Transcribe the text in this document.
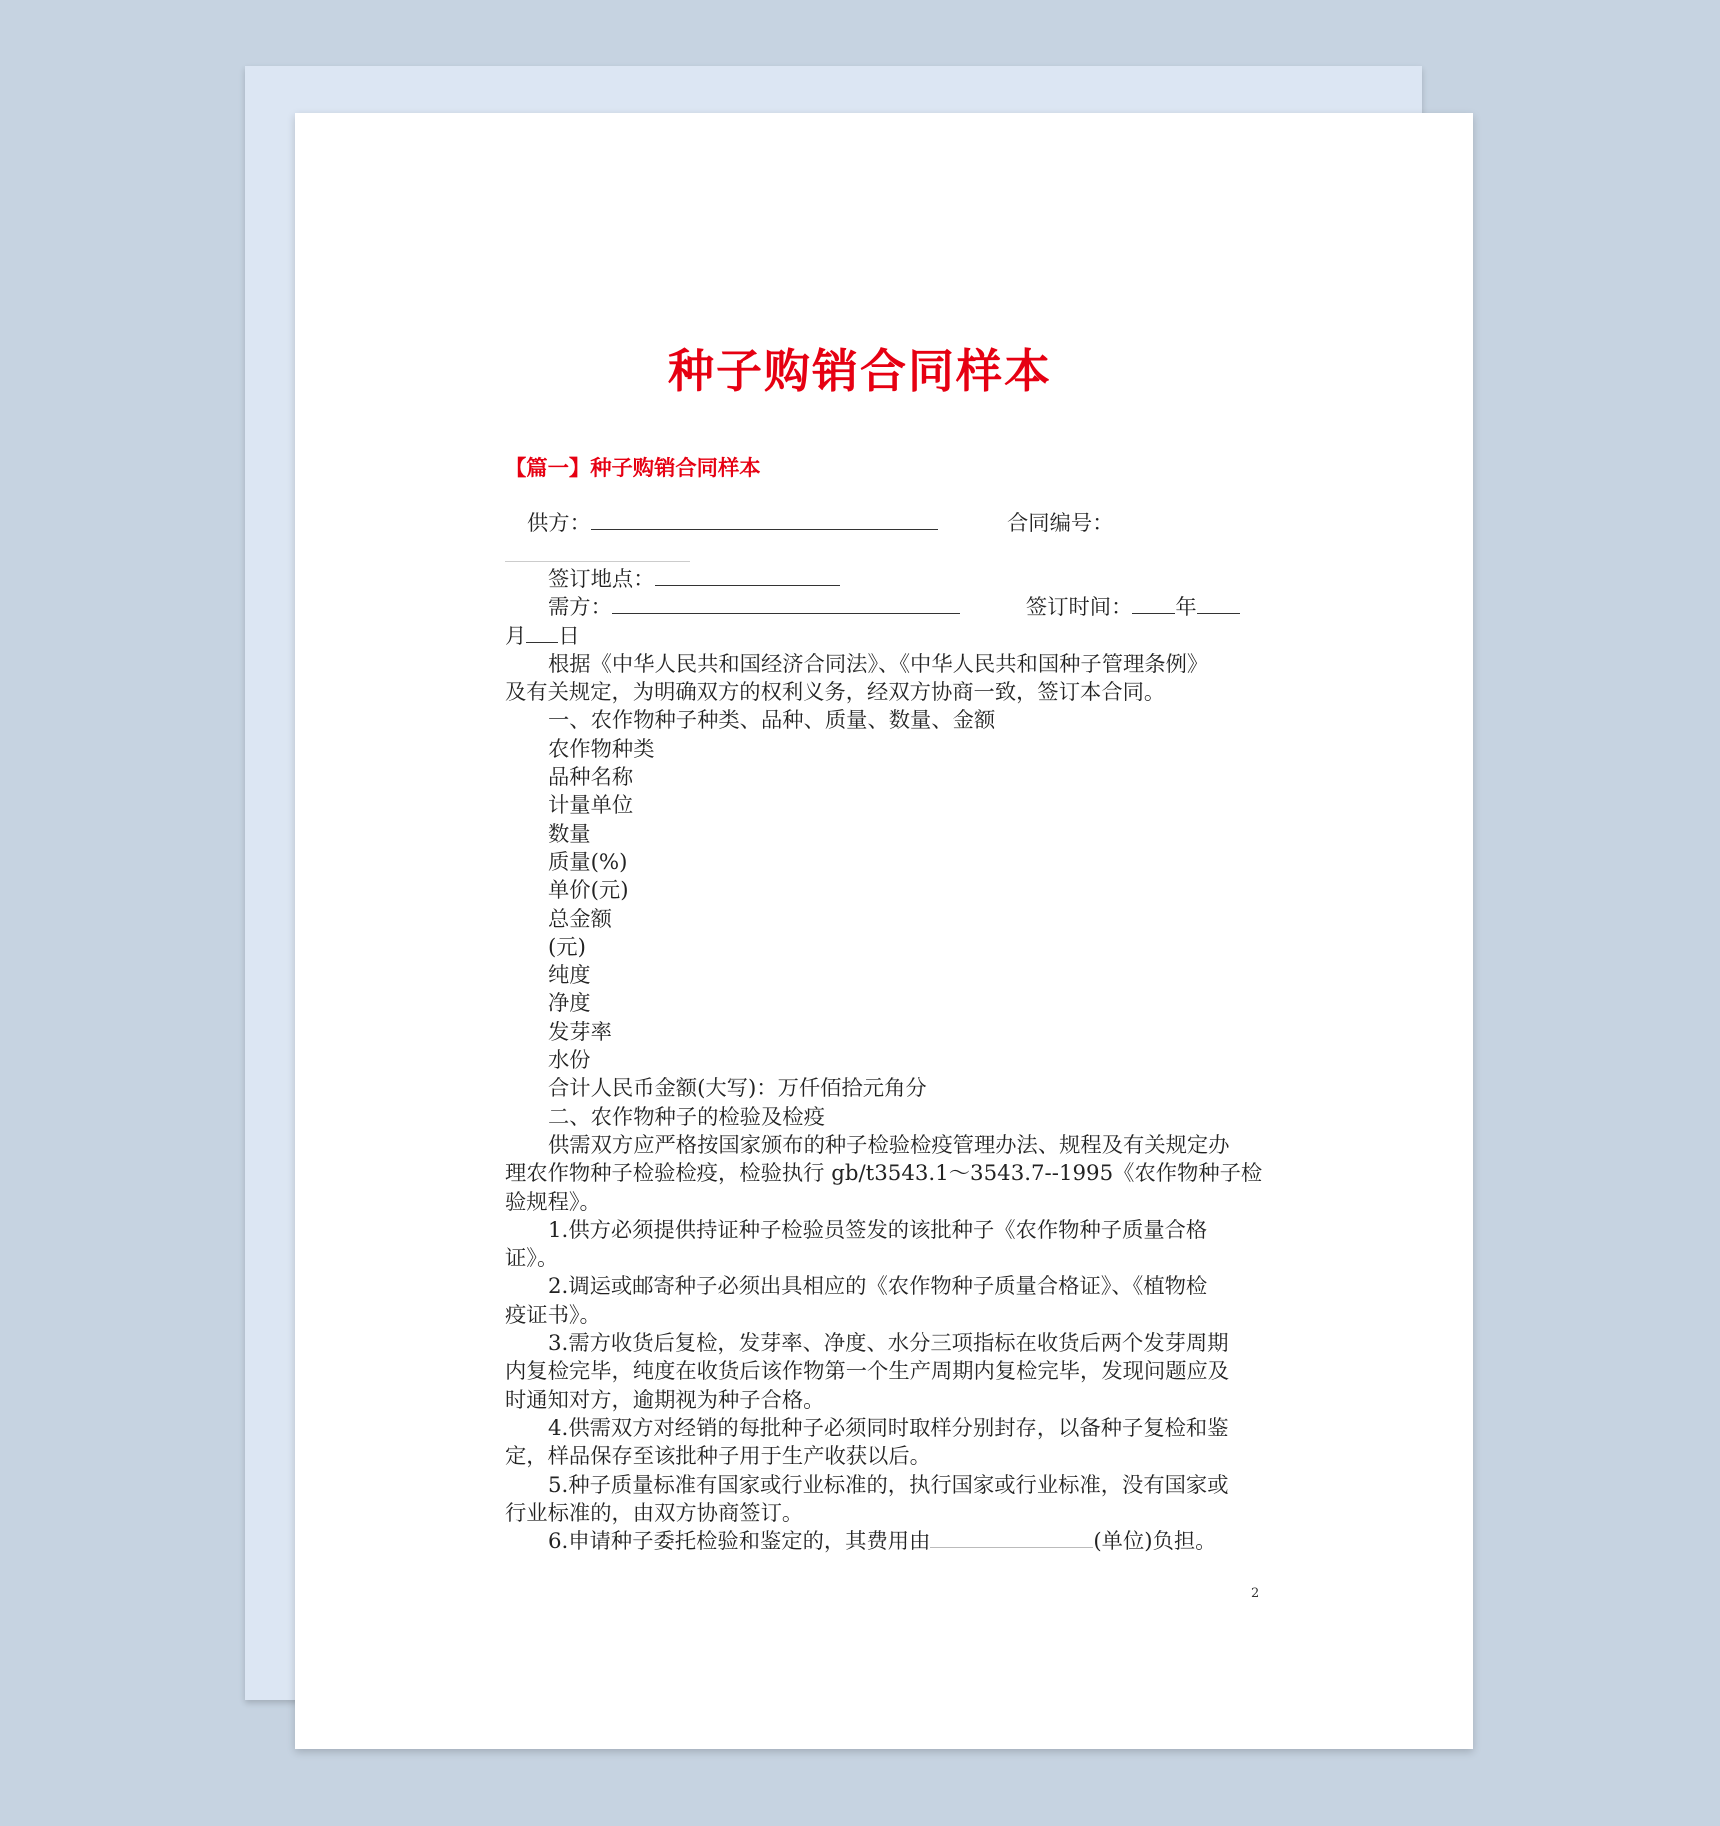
种子购销合同样本
【篇一】种子购销合同样本
供方：	合同编号：
签订地点：
需方：	签订时间： 年
月 日
根据《中华人民共和国经济合同法》、《中华人民共和国种子管理条例》
及有关规定，为明确双方的权利义务，经双方协商一致，签订本合同。
一、农作物种子种类、品种、质量、数量、金额
农作物种类
品种名称
计量单位
数量
质量(%)
单价(元)
总金额
(元)
纯度
净度
发芽率
水份
合计人民币金额(大写)：万仟佰拾元角分
二、农作物种子的检验及检疫
供需双方应严格按国家颁布的种子检验检疫管理办法、规程及有关规定办
理农作物种子检验检疫，检验执行 gb/t3543.1～3543.7--1995《农作物种子检
验规程》。
1.供方必须提供持证种子检验员签发的该批种子《农作物种子质量合格
证》。
2.调运或邮寄种子必须出具相应的《农作物种子质量合格证》、《植物检
疫证书》。
3.需方收货后复检，发芽率、净度、水分三项指标在收货后两个发芽周期
内复检完毕，纯度在收货后该作物第一个生产周期内复检完毕，发现问题应及
时通知对方，逾期视为种子合格。
4.供需双方对经销的每批种子必须同时取样分别封存，以备种子复检和鉴
定，样品保存至该批种子用于生产收获以后。
5.种子质量标准有国家或行业标准的，执行国家或行业标准，没有国家或
行业标准的，由双方协商签订。
6.申请种子委托检验和鉴定的，其费用由	(单位)负担。
2
